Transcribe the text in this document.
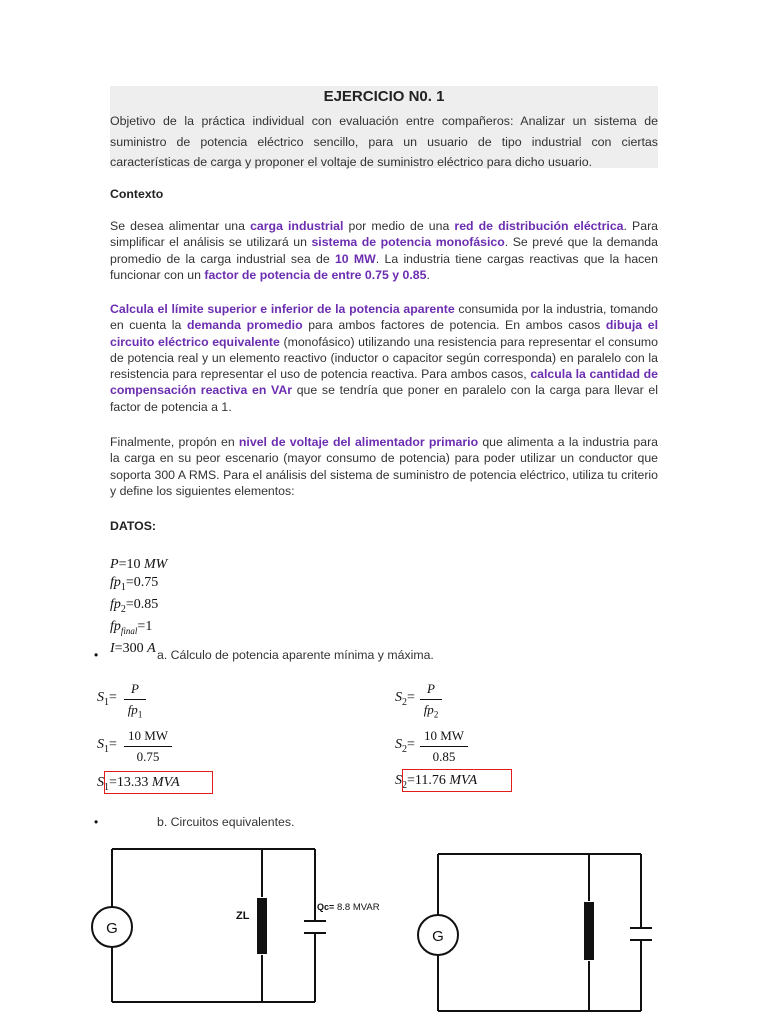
EJERCICIO N0. 1

Objetivo de la práctica individual con evaluación entre compañeros: Analizar un sistema de suministro de potencia eléctrico sencillo, para un usuario de tipo industrial con ciertas características de carga y proponer el voltaje de suministro eléctrico para dicho usuario.

Contexto

Se desea alimentar una carga industrial por medio de una red de distribución eléctrica. Para simplificar el análisis se utilizará un sistema de potencia monofásico. Se prevé que la demanda promedio de la carga industrial sea de 10 MW. La industria tiene cargas reactivas que la hacen funcionar con un factor de potencia de entre 0.75 y 0.85.

Calcula el límite superior e inferior de la potencia aparente consumida por la industria, tomando en cuenta la demanda promedio para ambos factores de potencia. En ambos casos dibuja el circuito eléctrico equivalente (monofásico) utilizando una resistencia para representar el consumo de potencia real y un elemento reactivo (inductor o capacitor según corresponda) en paralelo con la resistencia para representar el uso de potencia reactiva. Para ambos casos, calcula la cantidad de compensación reactiva en VAr que se tendría que poner en paralelo con la carga para llevar el factor de potencia a 1.

Finalmente, propón en nivel de voltaje del alimentador primario que alimenta a la industria para la carga en su peor escenario (mayor consumo de potencia) para poder utilizar un conductor que soporta 300 A RMS. Para el análisis del sistema de suministro de potencia eléctrico, utiliza tu criterio y define los siguientes elementos:

DATOS:
P=10 MW
$fp_1=0.75$
$fp_2=0.85$
$fp_{final}=1$
I=300 A
•	a. Cálculo de potencia aparente mínima y máxima.
$S_1=$
P
$fp_1$
$S_1=$
10 MW
0.75
$S_1=13.33$ MVA
$S_2=$
P
$fp_2$
$S_2=$
10 MW
0.85
$S_2=11.76$ MVA
•	b. Circuitos equivalentes.
G
ZL
Qc= 8.8 MVAR
G
